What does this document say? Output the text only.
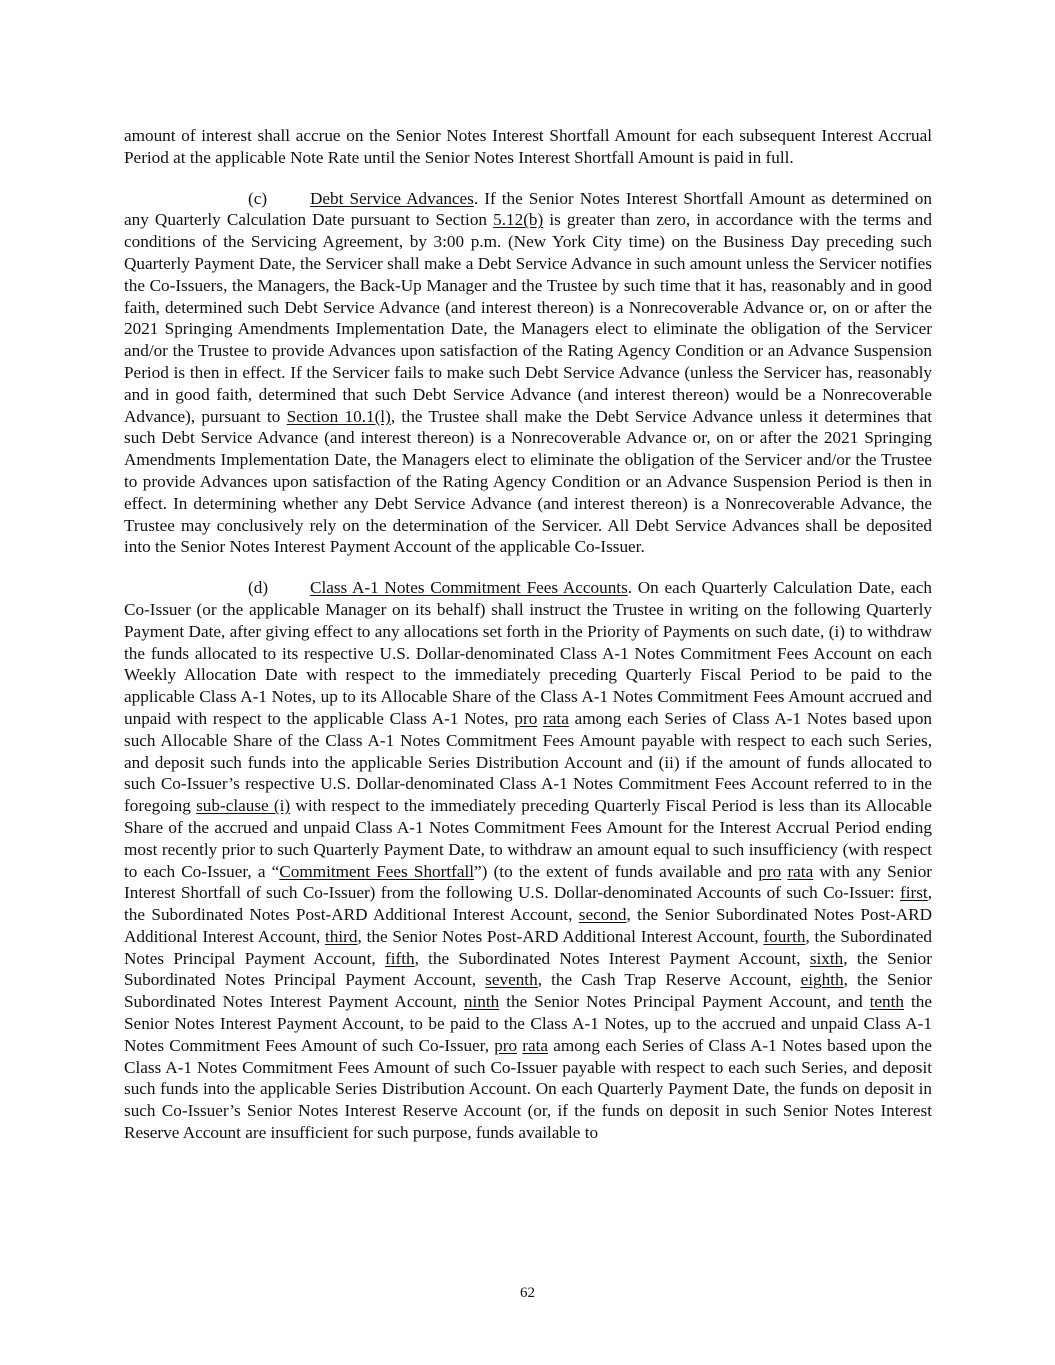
amount of interest shall accrue on the Senior Notes Interest Shortfall Amount for each subsequent Interest Accrual Period at the applicable Note Rate until the Senior Notes Interest Shortfall Amount is paid in full.

(c) Debt Service Advances. If the Senior Notes Interest Shortfall Amount as determined on any Quarterly Calculation Date pursuant to Section 5.12(b) is greater than zero, in accordance with the terms and conditions of the Servicing Agreement, by 3:00 p.m. (New York City time) on the Business Day preceding such Quarterly Payment Date, the Servicer shall make a Debt Service Advance in such amount unless the Servicer notifies the Co-Issuers, the Managers, the Back-Up Manager and the Trustee by such time that it has, reasonably and in good faith, determined such Debt Service Advance (and interest thereon) is a Nonrecoverable Advance or, on or after the 2021 Springing Amendments Implementation Date, the Managers elect to eliminate the obligation of the Servicer and/or the Trustee to provide Advances upon satisfaction of the Rating Agency Condition or an Advance Suspension Period is then in effect. If the Servicer fails to make such Debt Service Advance (unless the Servicer has, reasonably and in good faith, determined that such Debt Service Advance (and interest thereon) would be a Nonrecoverable Advance), pursuant to Section 10.1(l), the Trustee shall make the Debt Service Advance unless it determines that such Debt Service Advance (and interest thereon) is a Nonrecoverable Advance or, on or after the 2021 Springing Amendments Implementation Date, the Managers elect to eliminate the obligation of the Servicer and/or the Trustee to provide Advances upon satisfaction of the Rating Agency Condition or an Advance Suspension Period is then in effect. In determining whether any Debt Service Advance (and interest thereon) is a Nonrecoverable Advance, the Trustee may conclusively rely on the determination of the Servicer. All Debt Service Advances shall be deposited into the Senior Notes Interest Payment Account of the applicable Co-Issuer.

(d) Class A-1 Notes Commitment Fees Accounts. On each Quarterly Calculation Date, each Co-Issuer (or the applicable Manager on its behalf) shall instruct the Trustee in writing on the following Quarterly Payment Date, after giving effect to any allocations set forth in the Priority of Payments on such date, (i) to withdraw the funds allocated to its respective U.S. Dollar-denominated Class A-1 Notes Commitment Fees Account on each Weekly Allocation Date with respect to the immediately preceding Quarterly Fiscal Period to be paid to the applicable Class A-1 Notes, up to its Allocable Share of the Class A-1 Notes Commitment Fees Amount accrued and unpaid with respect to the applicable Class A-1 Notes, pro rata among each Series of Class A-1 Notes based upon such Allocable Share of the Class A-1 Notes Commitment Fees Amount payable with respect to each such Series, and deposit such funds into the applicable Series Distribution Account and (ii) if the amount of funds allocated to such Co-Issuer’s respective U.S. Dollar-denominated Class A-1 Notes Commitment Fees Account referred to in the foregoing sub-clause (i) with respect to the immediately preceding Quarterly Fiscal Period is less than its Allocable Share of the accrued and unpaid Class A-1 Notes Commitment Fees Amount for the Interest Accrual Period ending most recently prior to such Quarterly Payment Date, to withdraw an amount equal to such insufficiency (with respect to each Co-Issuer, a “Commitment Fees Shortfall”) (to the extent of funds available and pro rata with any Senior Interest Shortfall of such Co-Issuer) from the following U.S. Dollar-denominated Accounts of such Co-Issuer: first, the Subordinated Notes Post-ARD Additional Interest Account, second, the Senior Subordinated Notes Post-ARD Additional Interest Account, third, the Senior Notes Post-ARD Additional Interest Account, fourth, the Subordinated Notes Principal Payment Account, fifth, the Subordinated Notes Interest Payment Account, sixth, the Senior Subordinated Notes Principal Payment Account, seventh, the Cash Trap Reserve Account, eighth, the Senior Subordinated Notes Interest Payment Account, ninth the Senior Notes Principal Payment Account, and tenth the Senior Notes Interest Payment Account, to be paid to the Class A-1 Notes, up to the accrued and unpaid Class A-1 Notes Commitment Fees Amount of such Co-Issuer, pro rata among each Series of Class A-1 Notes based upon the Class A-1 Notes Commitment Fees Amount of such Co-Issuer payable with respect to each such Series, and deposit such funds into the applicable Series Distribution Account. On each Quarterly Payment Date, the funds on deposit in such Co-Issuer’s Senior Notes Interest Reserve Account (or, if the funds on deposit in such Senior Notes Interest Reserve Account are insufficient for such purpose, funds available to

62
